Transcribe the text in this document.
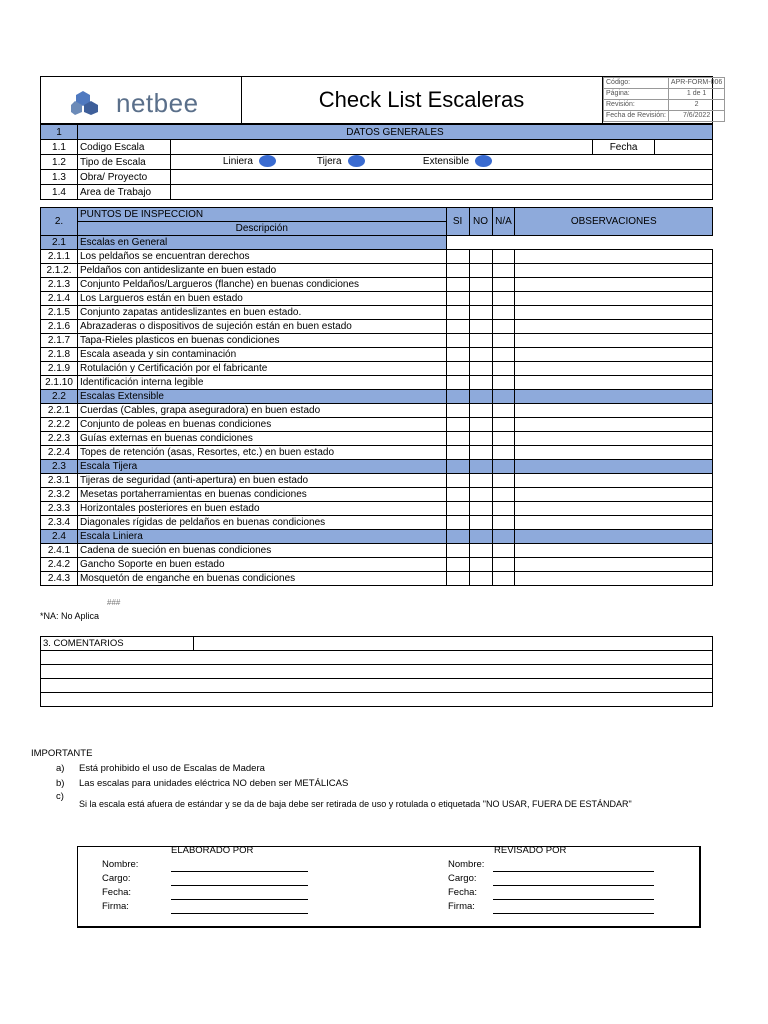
netbee	Check List Escaleras
Código:	APR-FORM-006
Página:	1 de 1
Revisión:	2
Fecha de Revisión:	7/6/2022
1	DATOS GENERALES			
1.1	Codigo Escala		Fecha	
1.2	Tipo de Escala	Liniera Tijera Extensible		

1.3	Obra/ Proyecto			
1.4	Area de Trabajo			
2.	PUNTOS DE INSPECCION	SI	NO	N/A	OBSERVACIONES
	Descripción				
2.1	Escalas en General				
2.1.1	Los peldaños se encuentran derechos				
2.1.2.	Peldaños con antideslizante en buen estado				
2.1.3	Conjunto Peldaños/Largueros (flanche) en buenas condiciones				
2.1.4	Los Largueros están en buen estado				
2.1.5	Conjunto zapatas antideslizantes en buen estado.				
2.1.6	Abrazaderas o dispositivos de sujeción están en buen estado				
2.1.7	Tapa-Rieles plasticos en buenas condiciones				
2.1.8	Escala aseada y sin contaminación				
2.1.9	Rotulación y Certificación por el fabricante				
2.1.10	Identificación interna legible				
2.2	Escalas Extensible				
2.2.1	Cuerdas (Cables, grapa aseguradora) en buen estado				
2.2.2	Conjunto de poleas en buenas condiciones				
2.2.3	Guías externas en buenas condiciones				
2.2.4	Topes de retención (asas, Resortes, etc.) en buen estado				
2.3	Escala Tijera				
2.3.1	Tijeras de seguridad (anti-apertura) en buen estado				
2.3.2	Mesetas portaherramientas en buenas condiciones				
2.3.3	Horizontales posteriores en buen estado				
2.3.4	Diagonales rígidas de peldaños en buenas condiciones				
2.4	Escala Liniera				
2.4.1	Cadena de sueción en buenas condiciones				
2.4.2	Gancho Soporte en buen estado				
2.4.3	Mosquetón de enganche en buenas condiciones				
###
*NA: No Aplica
3. COMENTARIOS	

IMPORTANTE
a) Está prohibido el uso de Escalas de Madera
b) Las escalas para unidades eléctrica NO deben ser METÁLICAS
c)
Si la escala está afuera de estándar y se da de baja debe ser retirada de uso y rotulada o etiquetada "NO USAR, FUERA DE ESTÁNDAR"
ELABORADO POR	REVISADO POR
Nombre:
Cargo:
Fecha:
Firma:
Nombre:
Cargo:
Fecha:
Firma:
